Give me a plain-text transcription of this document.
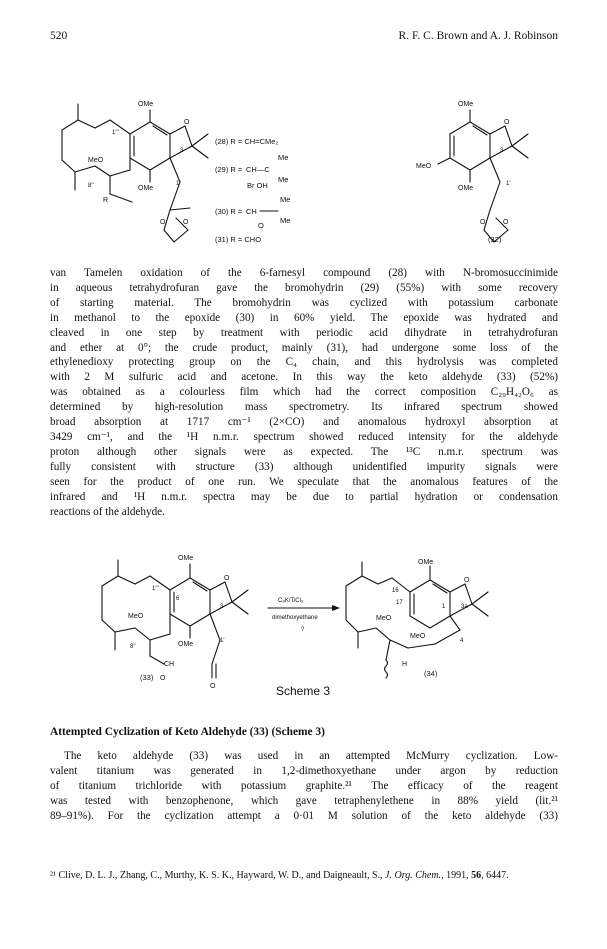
520	R. F. C. Brown and A. J. Robinson
OMe
MeO
OMe
R
1'''
1'
8''
3
O
O	O
(28) R = CH=CMe₂
(29) R = CH—C
Me
Me
Br OH
(30) R = CH
Me
Me
O
(31) R = CHO
OMe
MeO
OMe
3
1'
O
O	O
(32)
van Tamelen oxidation of the 6-farnesyl compound (28) with N-bromosuccinimide
in aqueous tetrahydrofuran gave the bromohydrin (29) (55%) with some recovery
of starting material. The bromohydrin was cyclized with potassium carbonate
in methanol to the epoxide (30) in 60% yield. The epoxide was hydrated and
cleaved in one step by treatment with periodic acid dihydrate in tetrahydrofuran
and ether at 0°; the crude product, mainly (31), had undergone some loss of the
ethylenedioxy protecting group on the C₄ chain, and this hydrolysis was completed
with 2 M sulfuric acid and acetone. In this way the keto aldehyde (33) (52%)
was obtained as a colourless film which had the correct composition C₂₉H₄₂O₆ as
determined by high-resolution mass spectrometry. Its infrared spectrum showed
broad absorption at 1717 cm⁻¹ (2×CO) and anomalous hydroxyl absorption at
3429 cm⁻¹, and the ¹H n.m.r. spectrum showed reduced intensity for the aldehyde
proton although other signals were as expected. The ¹³C n.m.r. spectrum was
fully consistent with structure (33) although unidentified impurity signals were
seen for the product of one run. We speculate that the anomalous features of the
infrared and ¹H n.m.r. spectra may be due to partial hydration or condensation
reactions of the aldehyde.
OMe
MeO
OMe
CH
O
O
O
1'''
6
3
1'
8''
(33)
C₈K/TiCl₃
dimethoxyethane
?
OMe
MeO
MeO
H
O
16
17
1	3a
4
(34)
Scheme 3
Attempted Cyclization of Keto Aldehyde (33) (Scheme 3)
The keto aldehyde (33) was used in an attempted McMurry cyclization. Low-
valent titanium was generated in 1,2-dimethoxyethane under argon by reduction
of titanium trichloride with potassium graphite.²¹ The efficacy of the reagent
was tested with benzophenone, which gave tetraphenylethene in 88% yield (lit.²¹
89–91%). For the cyclization attempt a 0·01 M solution of the keto aldehyde (33)
²¹ Clive, D. L. J., Zhang, C., Murthy, K. S. K., Hayward, W. D., and Daigneault, S., J. Org. Chem., 1991, 56, 6447.
